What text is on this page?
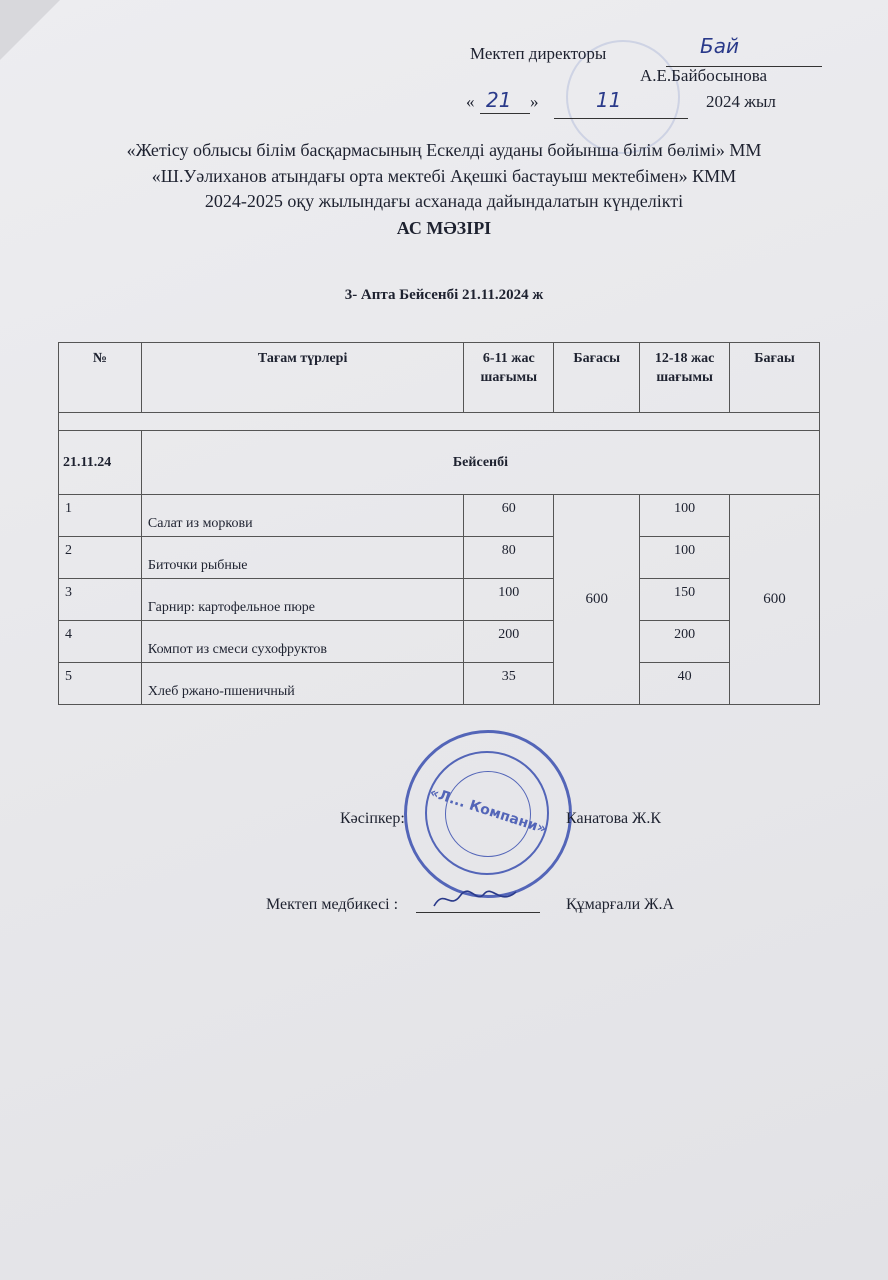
Мектеп директоры	Бай
А.Е.Байбосынова
« 21 »	11	2024 жыл
«Жетісу облысы білім басқармасының Ескелді ауданы бойынша білім бөлімі» ММ
«Ш.Уәлиханов атындағы орта мектебі Ақешкі бастауыш мектебімен» КММ
2024-2025 оқу жылындағы асханада дайындалатын күнделікті
АС МӘЗІРІ
3- Апта Бейсенбі 21.11.2024 ж
№	Тағам түрлері	6-11 жас шағымы	Бағасы	12-18 жас шағымы	Бағаы

21.11.24	Бейсенбі				
1	Салат из моркови	60	600	100	600
2	Биточки рыбные	80		100	
3	Гарнир: картофельное пюре	100		150	
4	Компот из смеси сухофруктов	200		200	
5	Хлеб ржано-пшеничный	35		40	
«Л... Компани»
Кәсіпкер:	Канатова Ж.К
Мектеп медбикесі :	Құмарғали Ж.А
